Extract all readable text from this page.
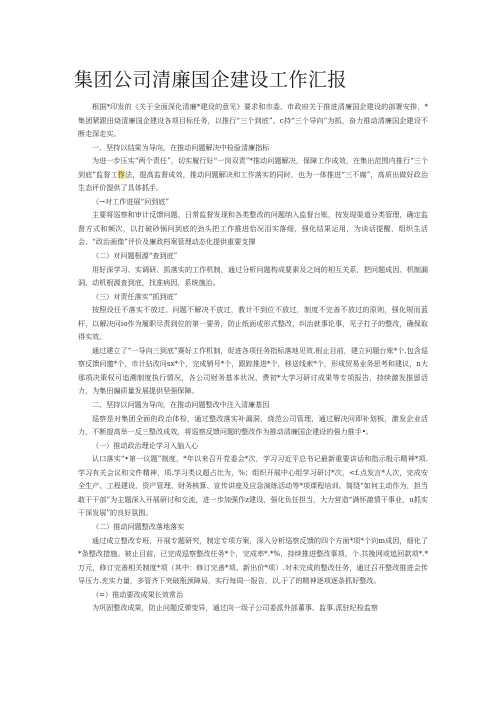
集团公司清廉国企建设工作汇报

根据*印发的《关于全面深化清廉*建设的意见》要求和市委、市政府关于推进清廉国企建设的部署安排，*集团紧跟田烧清廉国企建设各项目标任务，以推行“三个到底”、c持“三个导向”为抓，奋力推动清廉国企建设不断走深走实。

一、坚持以结果为导向，在推动问题解决中检验清廉指标

为进一步压实“两个责任”，切实履行好“一岗双责”*推动问题解决，保障工作成效，在集出范围内推行“三个到底”监督工作法，提高监督成效，推动问题解决和工作落实的同时，也为一体推进“三不腐”，高质出做好政治生态评价提供了具体抓手。

（→对工作进展“问到底”

主要将巡察和审计反馈问题，日常监督发现和各类整改的问题纳入监督台账，按发现渠道分类管理，确定监督方式和频次，以打破砂锅问到底的劲头把工作推进恰况泪实落细，强化结果运用，为谈话提醒，组织生活会、“政治画像”评价及廉政档案管理动态化提供重要支撑

（二）对问题根源“查到底”

用好深学习、实调研、抓落实的工作机制，通过分析问题构成要素及之间的相互关系，把问题成因、机制漏洞、动机根源查到底，找准病因，系统施治。

（三）对责任落实“抓到底”

按照设任不落实不放过，问题不解决不放过，教计不到位不放过，制度不完善不放过的原则，强化规而蓝杆，以解决问io作为履职尽责到位的第一要务，防止纸面或形式整改，纠治就事论事，见子打子的整改，确保取得实效。

通过建立了“一导向三到底”赛好工作机制，促进各项任务指标落地见效.根止目前，建立问题台账*个.包含巡察反馈问邀*个，市计拈改问sx*个，完成销号*个，跟踪推进*个，移送线索*个，形成贸易业务思考和建议，n大那项决策权可追溯制度执行情况，各公司财务基本状况、费初*大学习研讨成果等专项报告，持续激发推留活力，为集田編质量发展提供坚强保障。

二、坚持以问题为导向，在推动问题整改中注入清廉基因

巡察是对集团全面的政治体检，通过整改落实补漏洞，烧范公司管理，通过解决问即补划板，激发企业活力，不断提高举一反三整改成效，将巡察反馈问题的整改作为推动清廉国企建设的强力推手•。

（一）推动政治理论学习入脑入心

认口落实“•第一议题”制度，*年以来召开党委会*次，学习习近平总书记最新重要讲话和指示般示精神*项.学习有关会议和文件精神，项.学习类议超占比为，%；组织开展中心组学习研讨*次，<f.点发言*人次，完成安全生产、工程建设、资产管理、财务核算、宣传讲座及应急演练活动等*项课程培训。简绕“如何主动作为，担当敢干干部”为主题深入开展研讨和交流，进一步加强作z建设，强化负任担当，大力营造“满怀激情干事业，u抓实干深发展”的良好氛围。

（二）推动问题整改落地落实

通过成立整改专班，开展专题研究，制定专项方案，深入分析巡察反馈的四个方面*项*个向m成因，细化了*条整改措施。被止目前，已完成巡察整改任务*个，完成率*.*%，持续推进整改事项，个.共挽网或追回款项*.*万元，修订完善相关制度*项（其中：修订完善*项、新出价*项）.对未完成的整改任务，通过召开整改推进会传导压力.充实力量，多管齐下突破瓶颈障局，实行每周一报告，以,于了的精神逐项逐条抓好整改。

（=）推动要改成果长效常治

为巩固整改成果，防止问题反弹变异，通过向一级子公司委派外部董事、监事.派驻纪检监察
